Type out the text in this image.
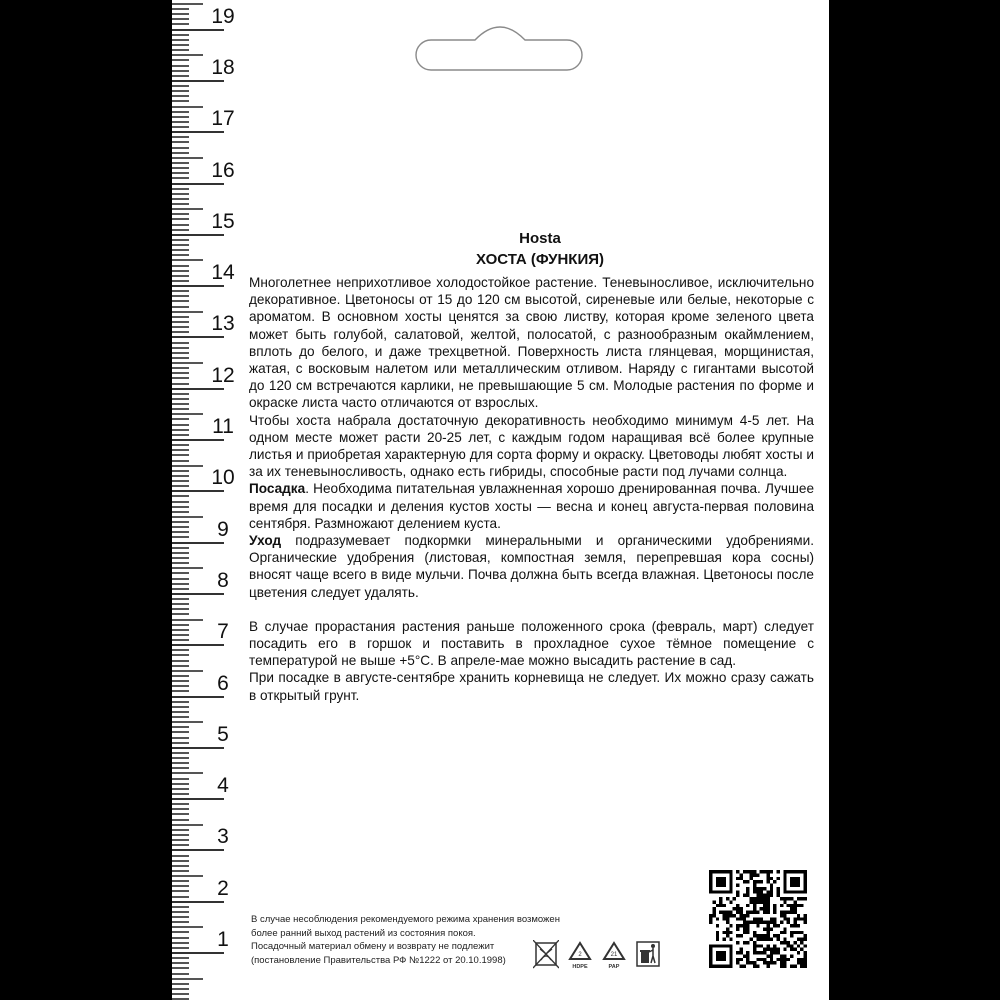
19
18
17
16
15
14
13
12
11
10
9
8
7
6
5
4
3
2
1
Hosta
ХОСТА (ФУНКИЯ)

Многолетнее неприхотливое холодостойкое растение. Теневыносливое, исключительно декоративное. Цветоносы от 15 до 120 см высотой, сиреневые или белые, некоторые с ароматом. В основном хосты ценятся за свою листву, которая кроме зеленого цвета может быть голубой, салатовой, желтой, полосатой, с разнообразным окаймлением, вплоть до белого, и даже трехцветной. Поверхность листа глянцевая, морщинистая, жатая, с восковым налетом или металлическим отливом. Наряду с гигантами высотой до 120 см встречаются карлики, не превышающие 5 см. Молодые растения по форме и окраске листа часто отличаются от взрослых.

Чтобы хоста набрала достаточную декоративность необходимо минимум 4-5 лет. На одном месте может расти 20-25 лет, с каждым годом наращивая всё более крупные листья и приобретая характерную для сорта форму и окраску. Цветоводы любят хосты и за их теневыносливость, однако есть гибриды, способные расти под лучами солнца.

Посадка. Необходима питательная увлажненная хорошо дренированная почва. Лучшее время для посадки и деления кустов хосты — весна и конец августа-первая половина сентября. Размножают делением куста.

Уход подразумевает подкормки минеральными и органическими удобрениями. Органические удобрения (листовая, компостная земля, перепревшая кора сосны) вносят чаще всего в виде мульчи. Почва должна быть всегда влажная. Цветоносы после цветения следует удалять.

В случае прорастания растения раньше положенного срока (февраль, март) следует посадить его в горшок и поставить в прохладное сухое тёмное помещение с температурой не выше +5°С. В апреле-мае можно высадить растение в сад.

При посадке в августе-сентябре хранить корневища не следует. Их можно сразу сажать в открытый грунт.

В случае несоблюдения рекомендуемого режима хранения возможен
более ранний выход растений из состояния покоя.
Посадочный материал обмену и возврату не подлежит
(постановление Правительства РФ №1222 от 20.10.1998)	2
HDPE
21
PAP
